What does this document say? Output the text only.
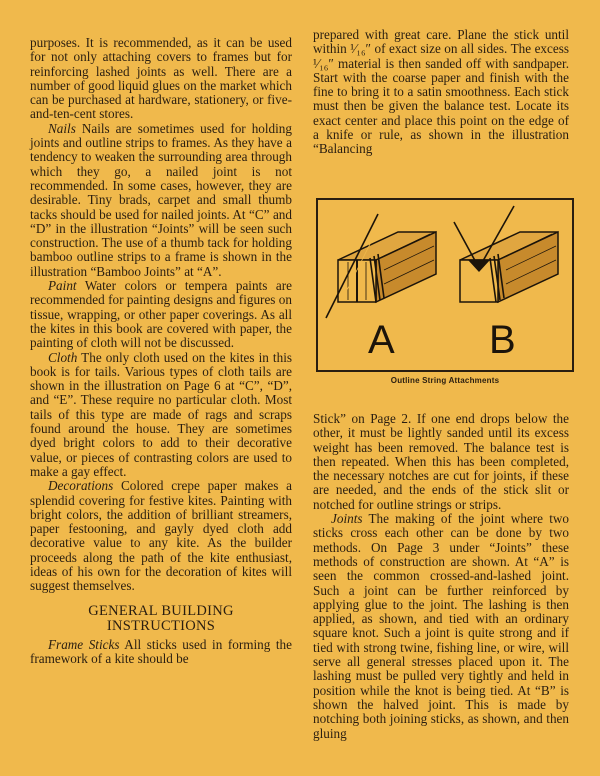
purposes. It is recommended, as it can be used for not only attaching covers to frames but for reinforcing lashed joints as well. There are a number of good liquid glues on the market which can be purchased at hardware, stationery, or five-and-ten-cent stores.

Nails Nails are sometimes used for holding joints and outline strips to frames. As they have a tendency to weaken the surrounding area through which they go, a nailed joint is not recommended. In some cases, however, they are desirable. Tiny brads, carpet and small thumb tacks should be used for nailed joints. At “C” and “D” in the illustration “Joints” will be seen such construction. The use of a thumb tack for holding bamboo outline strips to a frame is shown in the illustration “Bamboo Joints” at “A”.

Paint Water colors or tempera paints are recommended for painting designs and figures on tissue, wrapping, or other paper coverings. As all the kites in this book are covered with paper, the painting of cloth will not be discussed.

Cloth The only cloth used on the kites in this book is for tails. Various types of cloth tails are shown in the illustration on Page 6 at “C”, “D”, and “E”. These require no particular cloth. Most tails of this type are made of rags and scraps found around the house. They are sometimes dyed bright colors to add to their decorative value, or pieces of contrasting colors are used to make a gay effect.

Decorations Colored crepe paper makes a splendid covering for festive kites. Painting with bright colors, the addition of brilliant streamers, paper festooning, and gayly dyed cloth add decorative value to any kite. As the builder proceeds along the path of the kite enthusiast, ideas of his own for the decoration of kites will suggest themselves.

GENERAL BUILDING
INSTRUCTIONS

Frame Sticks All sticks used in forming the framework of a kite should be

prepared with great care. Plane the stick until within ¹⁄₁₆″ of exact size on all sides. The excess ¹⁄₁₆″ material is then sanded off with sandpaper. Start with the coarse paper and finish with the fine to bring it to a satin smoothness. Each stick must then be given the balance test. Locate its exact center and place this point on the edge of a knife or rule, as shown in the illustration “Balancing

A B
Outline String Attachments

Stick” on Page 2. If one end drops below the other, it must be lightly sanded until its excess weight has been removed. The balance test is then repeated. When this has been completed, the necessary notches are cut for joints, if these are needed, and the ends of the stick slit or notched for outline strings or strips.

Joints The making of the joint where two sticks cross each other can be done by two methods. On Page 3 under “Joints” these methods of construction are shown. At “A” is seen the common crossed-and-lashed joint. Such a joint can be further reinforced by applying glue to the joint. The lashing is then applied, as shown, and tied with an ordinary square knot. Such a joint is quite strong and if tied with strong twine, fishing line, or wire, will serve all general stresses placed upon it. The lashing must be pulled very tightly and held in position while the knot is being tied. At “B” is shown the halved joint. This is made by notching both joining sticks, as shown, and then gluing
